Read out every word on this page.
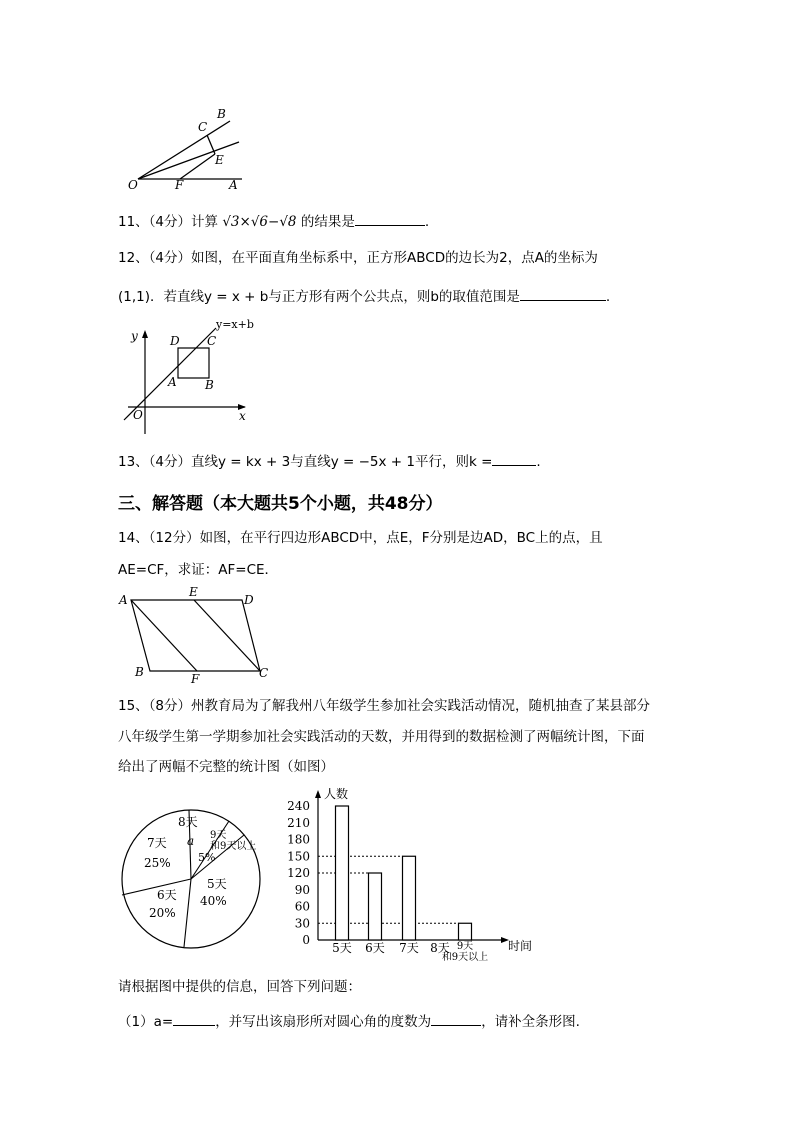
B
C
E
O	F	A
11、（4分）计算 √3×√6−√8 的结果是	.
12、（4分）如图，在平面直角坐标系中，正方形ABCD的边长为2，点A的坐标为
(1,1)．若直线y = x + b与正方形有两个公共点，则b的取值范围是	.
y=x+b
y
x
O
D C
A B
13、（4分）直线y = kx + 3与直线y = −5x + 1平行，则k =	.
三、解答题（本大题共5个小题，共48分）
14、（12分）如图，在平行四边形ABCD中，点E，F分别是边AD，BC上的点，且
AE=CF，求证：AF=CE．
A
E
D
B	F	C
15、（8分）州教育局为了解我州八年级学生参加社会实践活动情况，随机抽查了某县部分
八年级学生第一学期参加社会实践活动的天数，并用得到的数据检测了两幅统计图，下面
给出了两幅不完整的统计图（如图）
8天
a 9天
和9天以上
5%
7天
25%
5天
40%
6天
20%
人数
时间
0
30
60
90
120
150
180
210
240
5天 6天 7天 8天 9天
和9天以上
请根据图中提供的信息，回答下列问题：
（1）a=	，并写出该扇形所对圆心角的度数为	，请补全条形图.
